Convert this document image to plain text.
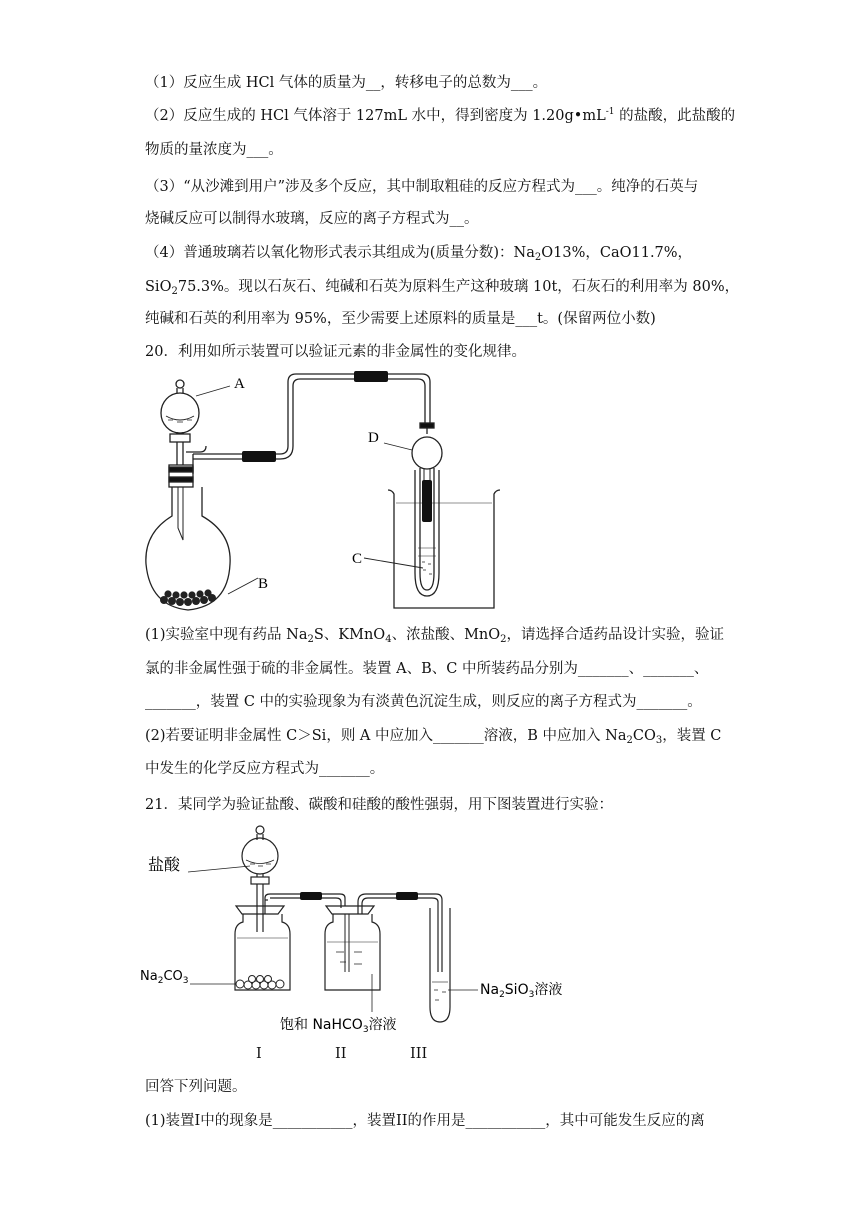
（1）反应生成 HCl 气体的质量为__，转移电子的总数为___。
（2）反应生成的 HCl 气体溶于 127mL 水中，得到密度为 $1.20g•mL^{-1}$ 的盐酸，此盐酸的
物质的量浓度为___。
（3）“从沙滩到用户”涉及多个反应，其中制取粗硅的反应方程式为___。纯净的石英与
烧碱反应可以制得水玻璃，反应的离子方程式为__。
（4）普通玻璃若以氧化物形式表示其组成为(质量分数)：$Na_2O13\%$，CaO11.7%，
SiO$_2$75.3%。现以石灰石、纯碱和石英为原料生产这种玻璃 10t，石灰石的利用率为 80%，
纯碱和石英的利用率为 95%，至少需要上述原料的质量是___t。(保留两位小数)
20．利用如所示装置可以验证元素的非金属性的变化规律。
A
D
C
B
(1)实验室中现有药品 $Na_2S$、KMnO$_4$、浓盐酸、MnO$_2$，请选择合适药品设计实验，验证
氯的非金属性强于硫的非金属性。装置 A、B、C 中所装药品分别为_______、_______、
_______，装置 C 中的实验现象为有淡黄色沉淀生成，则反应的离子方程式为_______。
(2)若要证明非金属性 C＞Si，则 A 中应加入_______溶液，B 中应加入 $Na_2CO_3$，装置 C
中发生的化学反应方程式为_______。
21．某同学为验证盐酸、碳酸和硅酸的酸性强弱，用下图装置进行实验：
盐酸
$Na_2CO_3$
饱和 NaHCO$_3$溶液
$Na_2SiO_3$溶液
I	II	III
回答下列问题。
(1)装置I中的现象是___________，装置II的作用是___________，其中可能发生反应的离
